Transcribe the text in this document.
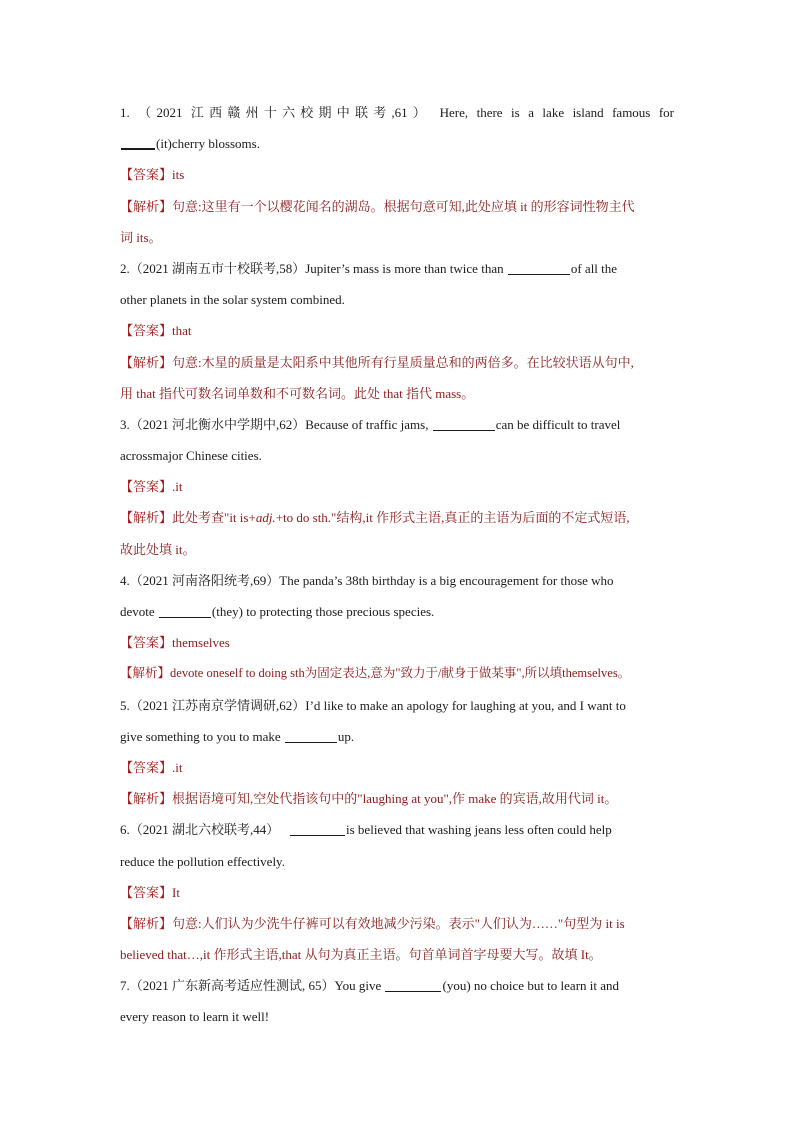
1. （2021 江西赣州十六校期中联考,61） Here, there is a lake island famous for
(it)cherry blossoms.
【答案】its
【解析】句意:这里有一个以樱花闻名的湖岛。根据句意可知,此处应填 it 的形容词性物主代
词 its。
2.（2021 湖南五市十校联考,58）Jupiter’s mass is more than twice than	of all the
other planets in the solar system combined.
【答案】that
【解析】句意:木星的质量是太阳系中其他所有行星质量总和的两倍多。在比较状语从句中,
用 that 指代可数名词单数和不可数名词。此处 that 指代 mass。
3.（2021 河北衡水中学期中,62）Because of traffic jams,	can be difficult to travel
acrossmajor Chinese cities.
【答案】.it
【解析】此处考查"it is+adj.+to do sth."结构,it 作形式主语,真正的主语为后面的不定式短语,
故此处填 it。
4.（2021 河南洛阳统考,69）The panda’s 38th birthday is a big encouragement for those who
devote	(they) to protecting those precious species.
【答案】themselves
【解析】devote oneself to doing sth为固定表达,意为"致力于/献身于做某事",所以填themselves。
5.（2021 江苏南京学情调研,62）I’d like to make an apology for laughing at you, and I want to
give something to you to make	up.
【答案】.it
【解析】根据语境可知,空处代指该句中的"laughing at you",作 make 的宾语,故用代词 it。
6.（2021 湖北六校联考,44）	is believed that washing jeans less often could help
reduce the pollution effectively.
【答案】It
【解析】句意:人们认为少洗牛仔裤可以有效地减少污染。表示"人们认为……"句型为 it is
believed that…,it 作形式主语,that 从句为真正主语。句首单词首字母要大写。故填 It。
7.（2021 广东新高考适应性测试, 65）You give	(you) no choice but to learn it and
every reason to learn it well!
